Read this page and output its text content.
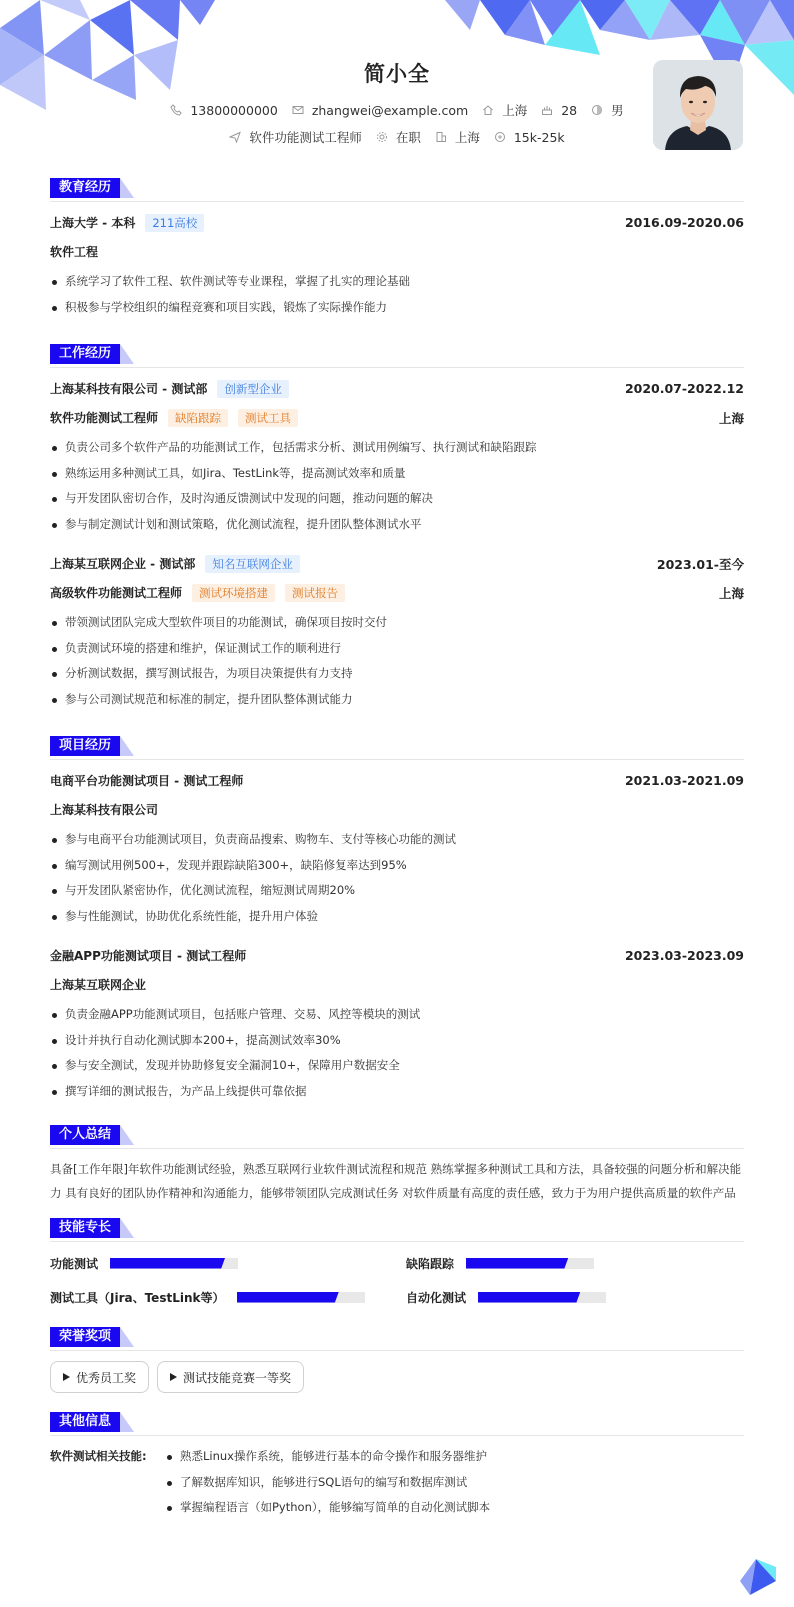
简小全
13800000000	zhangwei@example.com	上海	28	男
软件功能测试工程师	在职	上海	15k-25k
教育经历
上海大学 - 本科	211高校	2016.09-2020.06
软件工程
系统学习了软件工程、软件测试等专业课程，掌握了扎实的理论基础
积极参与学校组织的编程竞赛和项目实践，锻炼了实际操作能力
工作经历
上海某科技有限公司 - 测试部	创新型企业	2020.07-2022.12
软件功能测试工程师	缺陷跟踪	测试工具	上海
负责公司多个软件产品的功能测试工作，包括需求分析、测试用例编写、执行测试和缺陷跟踪
熟练运用多种测试工具，如Jira、TestLink等，提高测试效率和质量
与开发团队密切合作，及时沟通反馈测试中发现的问题，推动问题的解决
参与制定测试计划和测试策略，优化测试流程，提升团队整体测试水平
上海某互联网企业 - 测试部	知名互联网企业	2023.01-至今
高级软件功能测试工程师	测试环境搭建	测试报告	上海
带领测试团队完成大型软件项目的功能测试，确保项目按时交付
负责测试环境的搭建和维护，保证测试工作的顺利进行
分析测试数据，撰写测试报告，为项目决策提供有力支持
参与公司测试规范和标准的制定，提升团队整体测试能力
项目经历
电商平台功能测试项目 - 测试工程师	2021.03-2021.09
上海某科技有限公司
参与电商平台功能测试项目，负责商品搜索、购物车、支付等核心功能的测试
编写测试用例500+，发现并跟踪缺陷300+，缺陷修复率达到95%
与开发团队紧密协作，优化测试流程，缩短测试周期20%
参与性能测试，协助优化系统性能，提升用户体验
金融APP功能测试项目 - 测试工程师	2023.03-2023.09
上海某互联网企业
负责金融APP功能测试项目，包括账户管理、交易、风控等模块的测试
设计并执行自动化测试脚本200+，提高测试效率30%
参与安全测试，发现并协助修复安全漏洞10+，保障用户数据安全
撰写详细的测试报告，为产品上线提供可靠依据
个人总结
具备[工作年限]年软件功能测试经验，熟悉互联网行业软件测试流程和规范 熟练掌握多种测试工具和方法，具备较强的问题分析和解决能力 具有良好的团队协作精神和沟通能力，能够带领团队完成测试任务 对软件质量有高度的责任感，致力于为用户提供高质量的软件产品
技能专长
功能测试	缺陷跟踪
测试工具（Jira、TestLink等）	自动化测试
荣誉奖项
优秀员工奖	测试技能竞赛一等奖
其他信息
软件测试相关技能:	熟悉Linux操作系统，能够进行基本的命令操作和服务器维护
了解数据库知识，能够进行SQL语句的编写和数据库测试
掌握编程语言（如Python），能够编写简单的自动化测试脚本
